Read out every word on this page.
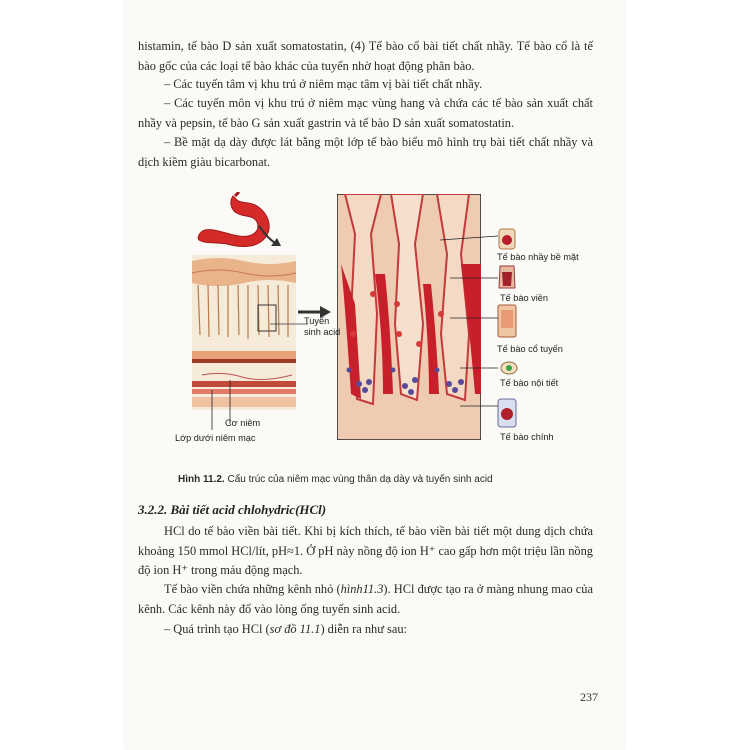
histamin, tế bào D sản xuất somatostatin, (4) Tế bào cổ bài tiết chất nhầy. Tế bào cổ là tế bào gốc của các loại tế bào khác của tuyến nhờ hoạt động phân bào.

– Các tuyến tâm vị khu trú ở niêm mạc tâm vị bài tiết chất nhầy.

– Các tuyến môn vị khu trú ở niêm mạc vùng hang và chứa các tế bào sản xuất chất nhầy và pepsin, tế bào G sản xuất gastrin và tế bào D sản xuất somatostatin.

– Bề mặt dạ dày được lát bằng một lớp tế bào biểu mô hình trụ bài tiết chất nhầy và dịch kiềm giàu bicarbonat.

Tuyến
sinh acid
Cơ niêm
Lớp dưới niêm mạc
Tế bào nhầy bề mặt
Tế bào viền
Tế bào cổ tuyến
Tế bào nội tiết
Tế bào chính
Hình 11.2. Cấu trúc của niêm mạc vùng thân dạ dày và tuyến sinh acid
3.2.2. Bài tiết acid chlohydric(HCl)

HCl do tế bào viền bài tiết. Khi bị kích thích, tế bào viền bài tiết một dung dịch chứa khoảng 150 mmol HCl/lít, pH≈1. Ở pH này nồng độ ion H⁺ cao gấp hơn một triệu lần nồng độ ion H⁺ trong máu động mạch.

Tế bào viền chứa những kênh nhỏ (hình11.3). HCl được tạo ra ở màng nhung mao của kênh. Các kênh này đổ vào lòng ống tuyến sinh acid.

– Quá trình tạo HCl (sơ đồ 11.1) diễn ra như sau:

237
